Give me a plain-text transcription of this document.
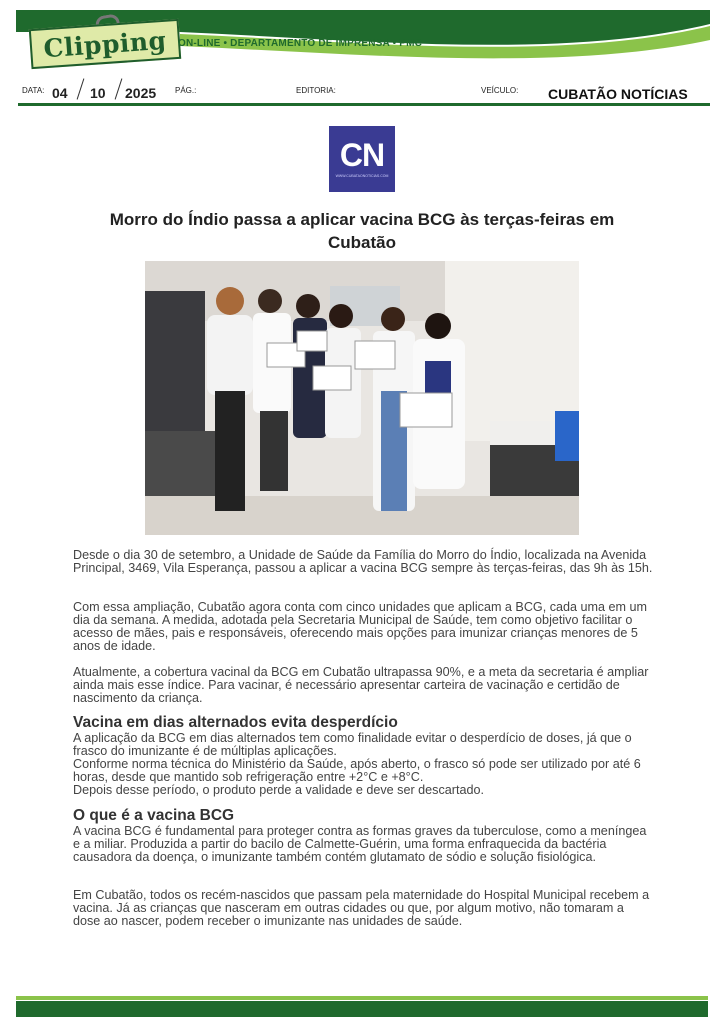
Clipping	ON-LINE • DEPARTAMENTO DE IMPRENSA • PMC
DATA: 04 10 2025 PÁG.:	EDITORIA:	VEÍCULO: CUBATÃO NOTÍCIAS
CN
WWW.CUBATAONOTICIAS.COM
Morro do Índio passa a aplicar vacina BCG às terças-feiras em Cubatão

Desde o dia 30 de setembro, a Unidade de Saúde da Família do Morro do Índio, localizada na Avenida Principal, 3469, Vila Esperança, passou a aplicar a vacina BCG sempre às terças-feiras, das 9h às 15h.

Com essa ampliação, Cubatão agora conta com cinco unidades que aplicam a BCG, cada uma em um dia da semana. A medida, adotada pela Secretaria Municipal de Saúde, tem como objetivo facilitar o acesso de mães, pais e responsáveis, oferecendo mais opções para imunizar crianças menores de 5 anos de idade.

Atualmente, a cobertura vacinal da BCG em Cubatão ultrapassa 90%, e a meta da secretaria é ampliar ainda mais esse índice. Para vacinar, é necessário apresentar carteira de vacinação e certidão de nascimento da criança.

Vacina em dias alternados evita desperdício

A aplicação da BCG em dias alternados tem como finalidade evitar o desperdício de doses, já que o frasco do imunizante é de múltiplas aplicações.

Conforme norma técnica do Ministério da Saúde, após aberto, o frasco só pode ser utilizado por até 6 horas, desde que mantido sob refrigeração entre +2°C e +8°C.

Depois desse período, o produto perde a validade e deve ser descartado.

O que é a vacina BCG

A vacina BCG é fundamental para proteger contra as formas graves da tuberculose, como a meníngea e a miliar. Produzida a partir do bacilo de Calmette-Guérin, uma forma enfraquecida da bactéria causadora da doença, o imunizante também contém glutamato de sódio e solução fisiológica.

Em Cubatão, todos os recém-nascidos que passam pela maternidade do Hospital Municipal recebem a vacina. Já as crianças que nasceram em outras cidades ou que, por algum motivo, não tomaram a dose ao nascer, podem receber o imunizante nas unidades de saúde.
